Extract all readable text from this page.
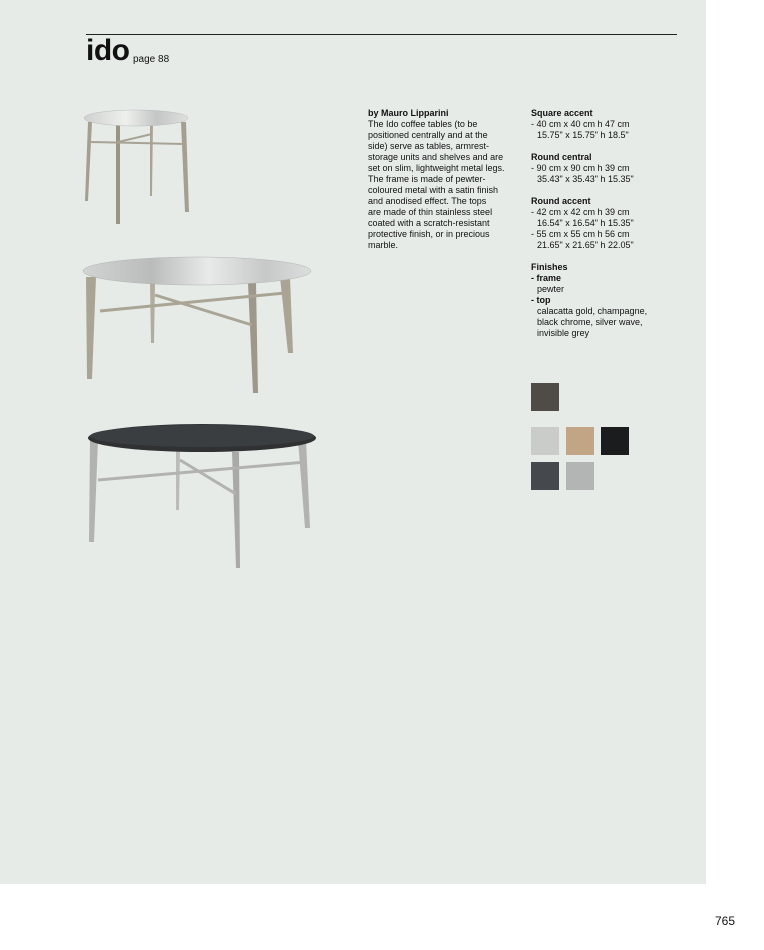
ido page 88

by Mauro Lipparini

The Ido coffee tables (to be

positioned centrally and at the

side) serve as tables, armrest-

storage units and shelves and are

set on slim, lightweight metal legs.

The frame is made of pewter-

coloured metal with a satin finish

and anodised effect. The tops

are made of thin stainless steel

coated with a scratch-resistant

protective finish, or in precious

marble.

Square accent

- 40 cm x 40 cm h 47 cm

15.75" x 15.75" h 18.5"

Round central

- 90 cm x 90 cm h 39 cm

35.43" x 35.43" h 15.35"

Round accent

- 42 cm x 42 cm h 39 cm

16.54" x 16.54" h 15.35"

- 55 cm x 55 cm h 56 cm

21.65" x 21.65" h 22.05"

Finishes

- frame

pewter

- top

calacatta gold, champagne,

black chrome, silver wave,

invisible grey

765
